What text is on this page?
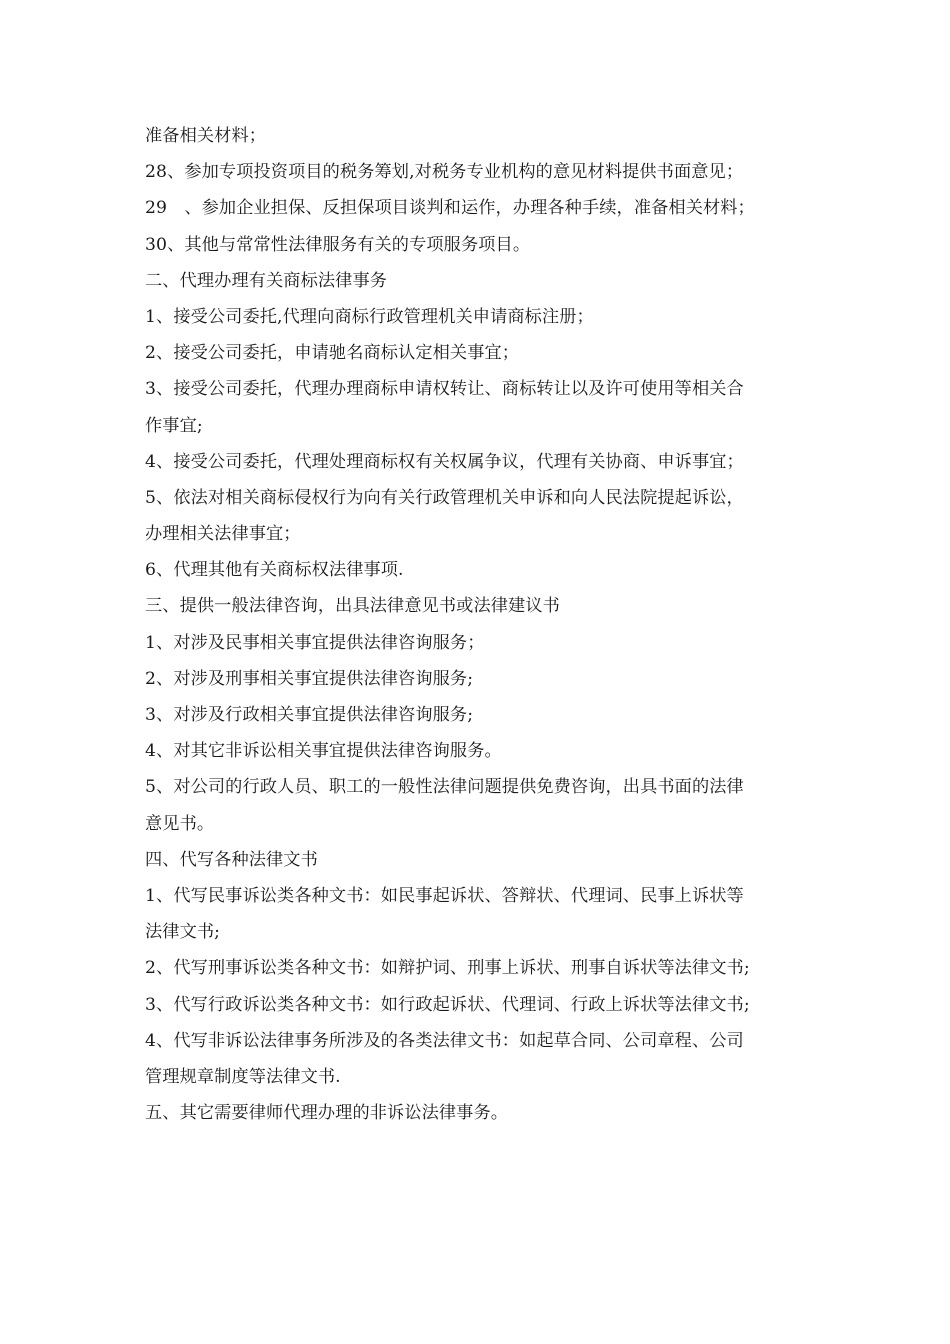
准备相关材料；
28、参加专项投资项目的税务筹划,对税务专业机构的意见材料提供书面意见；
29　、参加企业担保、反担保项目谈判和运作，办理各种手续，准备相关材料；
30、其他与常常性法律服务有关的专项服务项目。
二、代理办理有关商标法律事务
1、接受公司委托,代理向商标行政管理机关申请商标注册；
2、接受公司委托，申请驰名商标认定相关事宜；
3、接受公司委托，代理办理商标申请权转让、商标转让以及许可使用等相关合
作事宜;
4、接受公司委托，代理处理商标权有关权属争议，代理有关协商、申诉事宜；
5、依法对相关商标侵权行为向有关行政管理机关申诉和向人民法院提起诉讼，
办理相关法律事宜；
6、代理其他有关商标权法律事项.
三、提供一般法律咨询，出具法律意见书或法律建议书
1、对涉及民事相关事宜提供法律咨询服务；
2、对涉及刑事相关事宜提供法律咨询服务;
3、对涉及行政相关事宜提供法律咨询服务;
4、对其它非诉讼相关事宜提供法律咨询服务。
5、对公司的行政人员、职工的一般性法律问题提供免费咨询，出具书面的法律
意见书。
四、代写各种法律文书
1、代写民事诉讼类各种文书：如民事起诉状、答辩状、代理词、民事上诉状等
法律文书;
2、代写刑事诉讼类各种文书：如辩护词、刑事上诉状、刑事自诉状等法律文书;
3、代写行政诉讼类各种文书：如行政起诉状、代理词、行政上诉状等法律文书;
4、代写非诉讼法律事务所涉及的各类法律文书：如起草合同、公司章程、公司
管理规章制度等法律文书.
五、其它需要律师代理办理的非诉讼法律事务。
